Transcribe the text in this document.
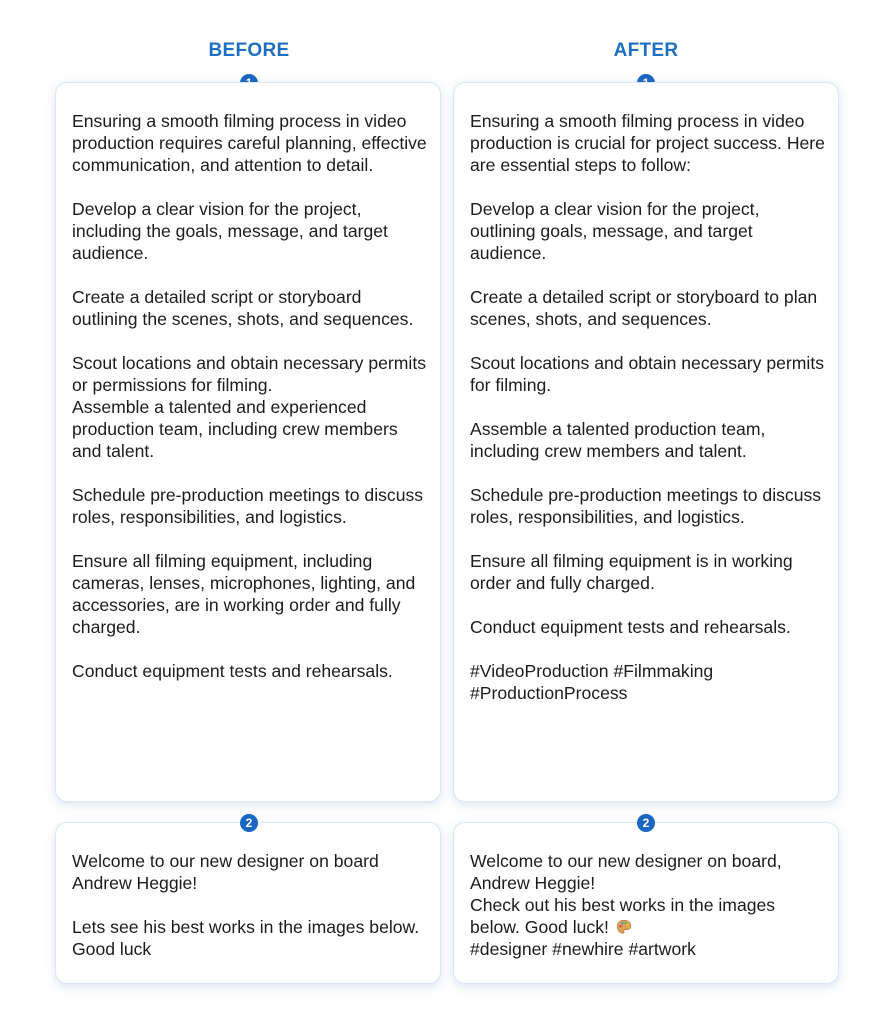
BEFORE	AFTER

Ensuring a smooth filming process in video production requires careful planning, effective communication, and attention to detail.

Develop a clear vision for the project, including the goals, message, and target audience.

Create a detailed script or storyboard outlining the scenes, shots, and sequences.

Scout locations and obtain necessary permits or permissions for filming.

Assemble a talented and experienced production team, including crew members and talent.

Schedule pre-production meetings to discuss roles, responsibilities, and logistics.

Ensure all filming equipment, including cameras, lenses, microphones, lighting, and accessories, are in working order and fully charged.

Conduct equipment tests and rehearsals.

Ensuring a smooth filming process in video production is crucial for project success. Here are essential steps to follow:

Develop a clear vision for the project, outlining goals, message, and target audience.

Create a detailed script or storyboard to plan scenes, shots, and sequences.

Scout locations and obtain necessary permits for filming.

Assemble a talented production team, including crew members and talent.

Schedule pre-production meetings to discuss roles, responsibilities, and logistics.

Ensure all filming equipment is in working order and fully charged.

Conduct equipment tests and rehearsals.

#VideoProduction #Filmmaking #ProductionProcess

Welcome to our new designer on board Andrew Heggie!

Lets see his best works in the images below. Good luck

Welcome to our new designer on board, Andrew Heggie!

Check out his best works in the images below. Good luck!

#designer #newhire #artwork

2	2
